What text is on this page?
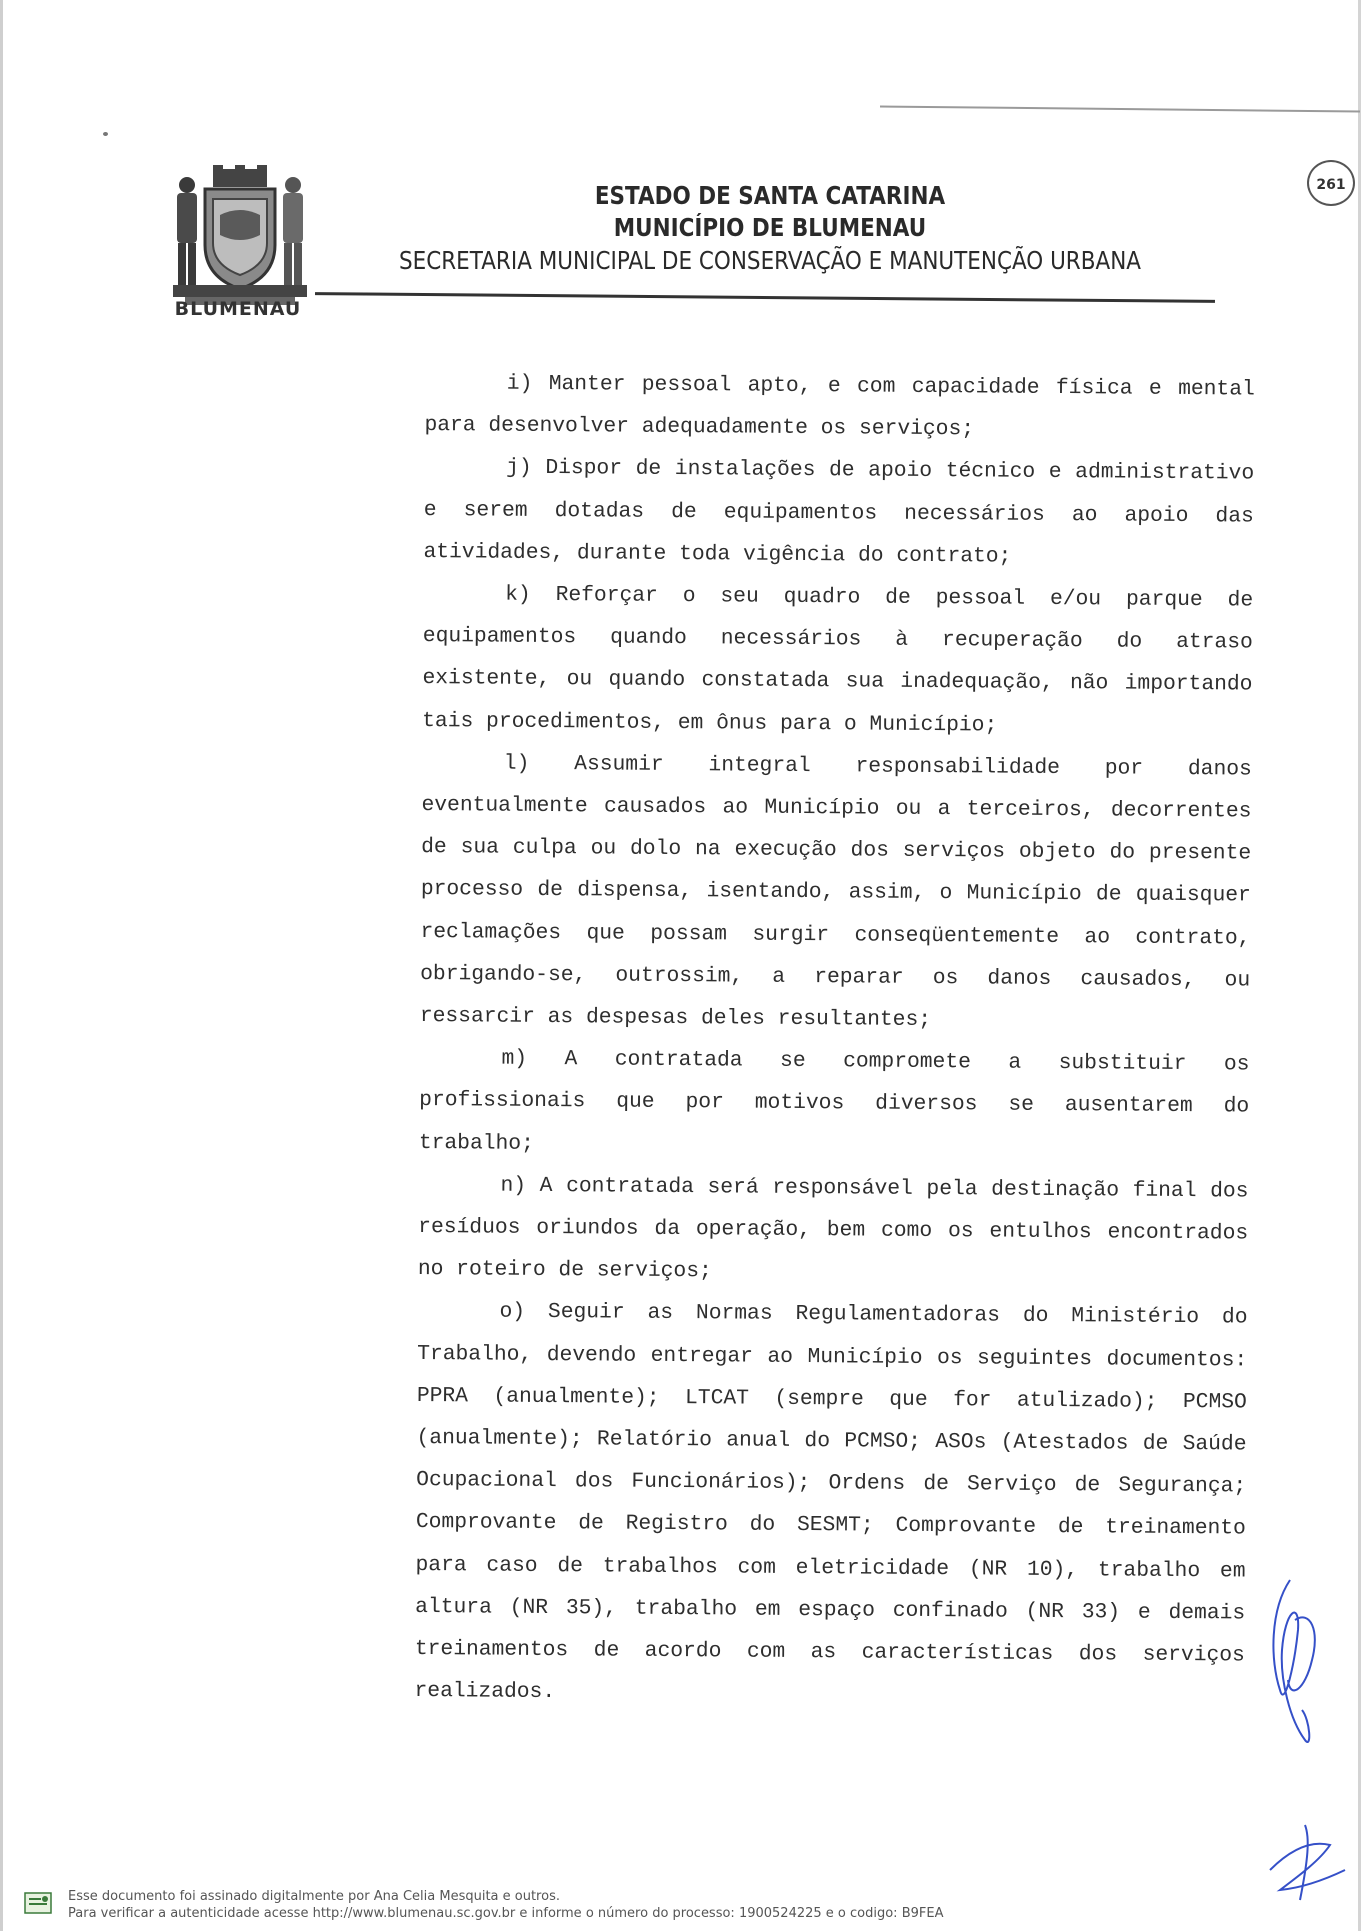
BLUMENAU
ESTADO DE SANTA CATARINA
MUNICÍPIO DE BLUMENAU
SECRETARIA MUNICIPAL DE CONSERVAÇÃO E MANUTENÇÃO URBANA
261

i) Manter pessoal apto, e com capacidade física e mental para desenvolver adequadamente os serviços;

j) Dispor de instalações de apoio técnico e administrativo e serem dotadas de equipamentos necessários ao apoio das atividades, durante toda vigência do contrato;

k) Reforçar o seu quadro de pessoal e/ou parque de equipamentos quando necessários à recuperação do atraso existente, ou quando constatada sua inadequação, não importando tais procedimentos, em ônus para o Município;

l) Assumir integral responsabilidade por danos eventualmente causados ao Município ou a terceiros, decorrentes de sua culpa ou dolo na execução dos serviços objeto do presente processo de dispensa, isentando, assim, o Município de quaisquer reclamações que possam surgir conseqüentemente ao contrato, obrigando-se, outrossim, a reparar os danos causados, ou ressarcir as despesas deles resultantes;

m) A contratada se compromete a substituir os profissionais que por motivos diversos se ausentarem do trabalho;

n) A contratada será responsável pela destinação final dos resíduos oriundos da operação, bem como os entulhos encontrados no roteiro de serviços;

o) Seguir as Normas Regulamentadoras do Ministério do Trabalho, devendo entregar ao Município os seguintes documentos: PPRA (anualmente); LTCAT (sempre que for atulizado); PCMSO (anualmente); Relatório anual do PCMSO; ASOs (Atestados de Saúde Ocupacional dos Funcionários); Ordens de Serviço de Segurança; Comprovante de Registro do SESMT; Comprovante de treinamento para caso de trabalhos com eletricidade (NR 10), trabalho em altura (NR 35), trabalho em espaço confinado (NR 33) e demais treinamentos de acordo com as características dos serviços realizados.

Esse documento foi assinado digitalmente por Ana Celia Mesquita e outros.
Para verificar a autenticidade acesse http://www.blumenau.sc.gov.br e informe o número do processo: 1900524225 e o codigo: B9FEA
